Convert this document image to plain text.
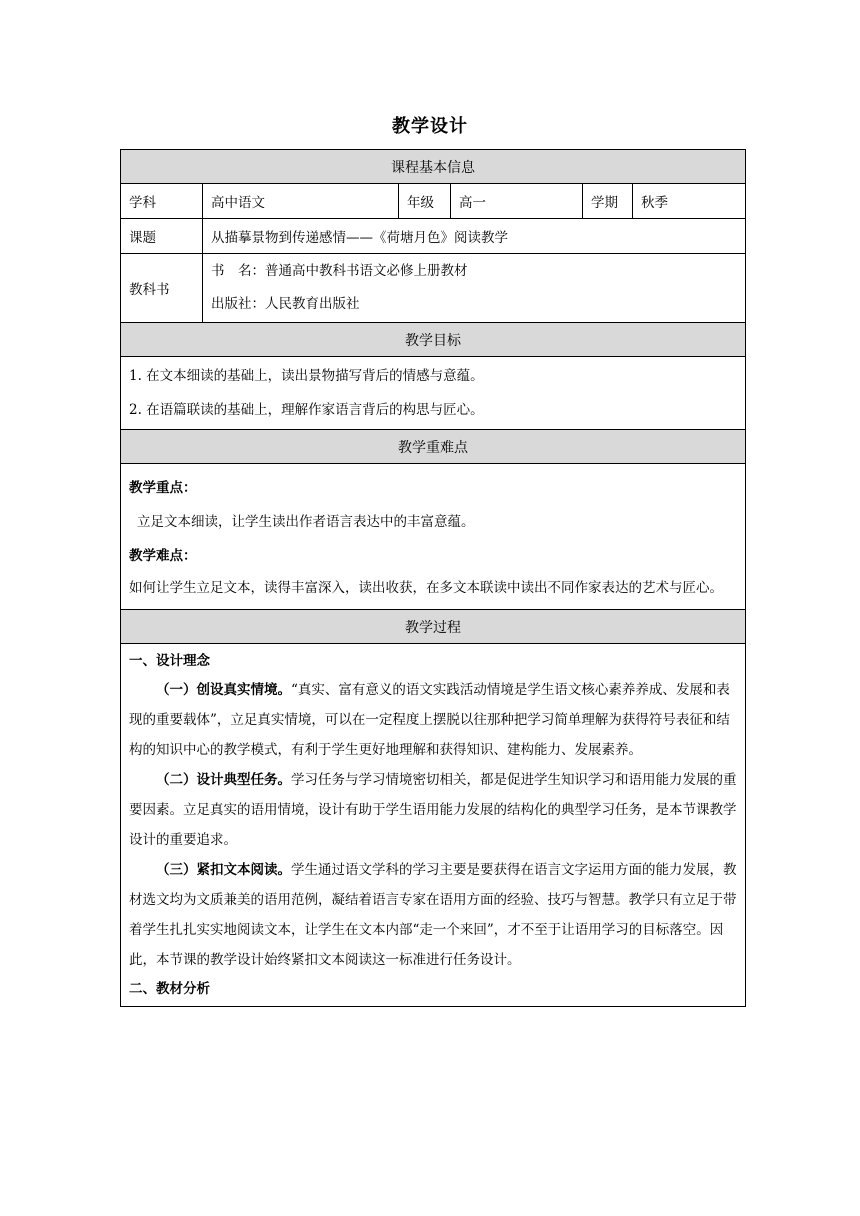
教学设计
课程基本信息					
学科	高中语文	年级	高一	学期	秋季
课题	从描摹景物到传递感情——《荷塘月色》阅读教学				
教科书	书　名：普通高中教科书语文必修上册教材
出版社：人民教育出版社				

教学目标					

1. 在文本细读的基础上，读出景物描写背后的情感与意蕴。
2. 在语篇联读的基础上，理解作家语言背后的构思与匠心。					

教学重难点					

教学重点：
立足文本细读，让学生读出作者语言表达中的丰富意蕴。
教学难点：
如何让学生立足文本，读得丰富深入，读出收获，在多文本联读中读出不同作家表达的艺术与匠心。					

教学过程					

一、设计理念
（一）创设真实情境。“真实、富有意义的语文实践活动情境是学生语文核心素养养成、发展和表现的重要载体”，立足真实情境，可以在一定程度上摆脱以往那种把学习简单理解为获得符号表征和结构的知识中心的教学模式，有利于学生更好地理解和获得知识、建构能力、发展素养。
（二）设计典型任务。学习任务与学习情境密切相关，都是促进学生知识学习和语用能力发展的重要因素。立足真实的语用情境，设计有助于学生语用能力发展的结构化的典型学习任务，是本节课教学设计的重要追求。
（三）紧扣文本阅读。学生通过语文学科的学习主要是要获得在语言文字运用方面的能力发展，教材选文均为文质兼美的语用范例，凝结着语言专家在语用方面的经验、技巧与智慧。教学只有立足于带着学生扎扎实实地阅读文本，让学生在文本内部“走一个来回”，才不至于让语用学习的目标落空。因此，本节课的教学设计始终紧扣文本阅读这一标准进行任务设计。
二、教材分析					
